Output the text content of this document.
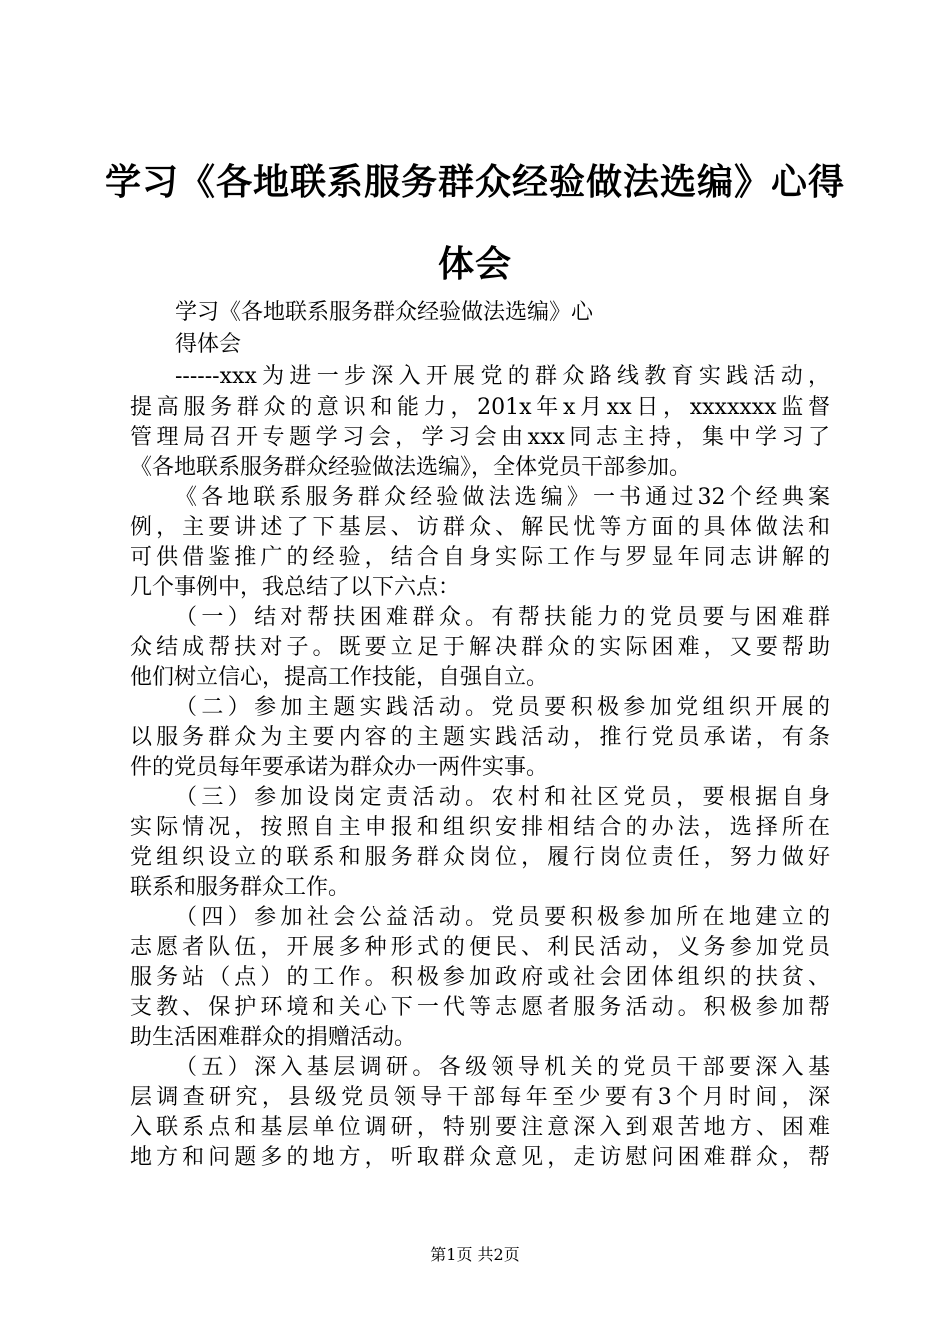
学习《各地联系服务群众经验做法选编》心得
体会
学习《各地联系服务群众经验做法选编》心
得体会
------xxx为进一步深入开展党的群众路线教育实践活动，
提高服务群众的意识和能力，201x年x月xx日，xxxxxxx监督
管理局召开专题学习会，学习会由xxx同志主持，集中学习了
《各地联系服务群众经验做法选编》，全体党员干部参加。
《各地联系服务群众经验做法选编》一书通过32个经典案
例，主要讲述了下基层、访群众、解民忧等方面的具体做法和
可供借鉴推广的经验，结合自身实际工作与罗显年同志讲解的
几个事例中，我总结了以下六点：
（一）结对帮扶困难群众。有帮扶能力的党员要与困难群
众结成帮扶对子。既要立足于解决群众的实际困难，又要帮助
他们树立信心，提高工作技能，自强自立。
（二）参加主题实践活动。党员要积极参加党组织开展的
以服务群众为主要内容的主题实践活动，推行党员承诺，有条
件的党员每年要承诺为群众办一两件实事。
（三）参加设岗定责活动。农村和社区党员，要根据自身
实际情况，按照自主申报和组织安排相结合的办法，选择所在
党组织设立的联系和服务群众岗位，履行岗位责任，努力做好
联系和服务群众工作。
（四）参加社会公益活动。党员要积极参加所在地建立的
志愿者队伍，开展多种形式的便民、利民活动，义务参加党员
服务站（点）的工作。积极参加政府或社会团体组织的扶贫、
支教、保护环境和关心下一代等志愿者服务活动。积极参加帮
助生活困难群众的捐赠活动。
（五）深入基层调研。各级领导机关的党员干部要深入基
层调查研究，县级党员领导干部每年至少要有3个月时间，深
入联系点和基层单位调研，特别要注意深入到艰苦地方、困难
地方和问题多的地方，听取群众意见，走访慰问困难群众，帮
第1页 共2页
